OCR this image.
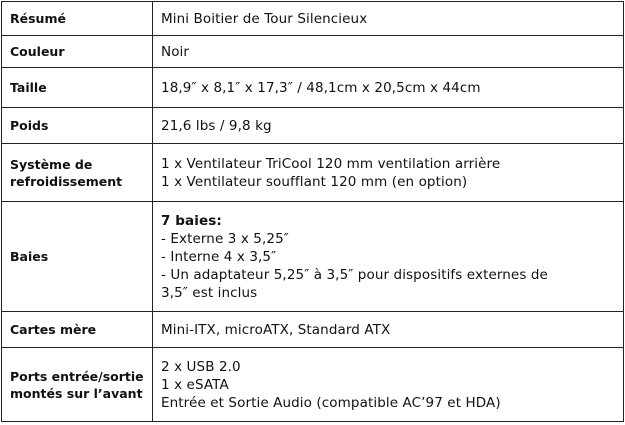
Résumé	Mini Boitier de Tour Silencieux

Couleur	Noir

Taille	18,9″ x 8,1″ x 17,3″ / 48,1cm x 20,5cm x 44cm

Poids	21,6 lbs / 9,8 kg

Système de
refroidissement	1 x Ventilateur TriCool 120 mm ventilation arrière
1 x Ventilateur soufflant 120 mm (en option)

Baies	7 baies:
- Externe 3 x 5,25″
- Interne 4 x 3,5″
- Un adaptateur 5,25″ à 3,5″ pour dispositifs externes de
3,5″ est inclus

Cartes mère	Mini-ITX, microATX, Standard ATX

Ports entrée/sortie
montés sur l’avant	2 x USB 2.0
1 x eSATA
Entrée et Sortie Audio (compatible AC’97 et HDA)
